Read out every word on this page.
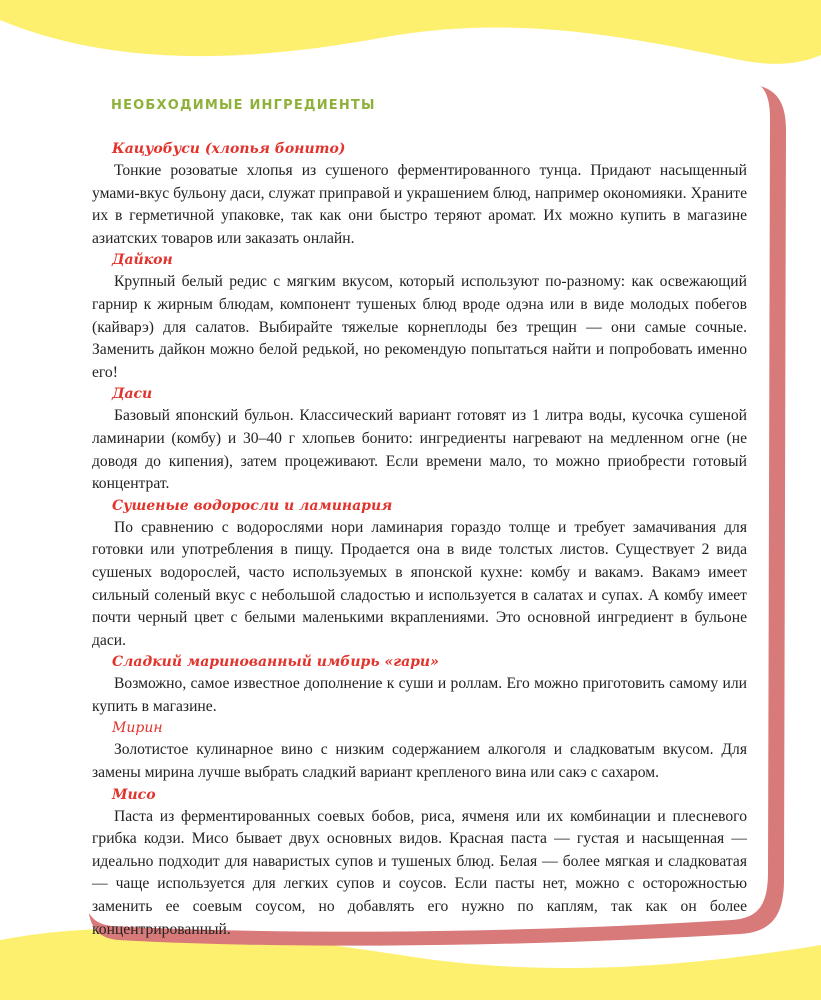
НЕОБХОДИМЫЕ ИНГРЕДИЕНТЫ
Кацуобуси (хлопья бонито)

Тонкие розоватые хлопья из сушеного ферментированного тунца. Придают насыщенный умами-вкус бульону даси, служат приправой и украшением блюд, например окономияки. Храните их в герметичной упаковке, так как они быстро теряют аромат. Их можно купить в магазине азиатских товаров или заказать онлайн.

Дайкон

Крупный белый редис с мягким вкусом, который используют по-разному: как освежающий гарнир к жирным блюдам, компонент тушеных блюд вроде одэна или в виде молодых побегов (кайварэ) для салатов. Выбирайте тяжелые корнеплоды без трещин — они самые сочные. Заменить дайкон можно белой редькой, но рекомендую попытаться найти и попробовать именно его!

Даси

Базовый японский бульон. Классический вариант готовят из 1 литра воды, кусочка сушеной ламинарии (комбу) и 30–40 г хлопьев бонито: ингредиенты нагревают на медленном огне (не доводя до кипения), затем процеживают. Если времени мало, то можно приобрести готовый концентрат.

Сушеные водоросли и ламинария

По сравнению с водорослями нори ламинария гораздо толще и требует замачивания для готовки или употребления в пищу. Продается она в виде толстых листов. Существует 2 вида сушеных водорослей, часто используемых в японской кухне: комбу и вакамэ. Вакамэ имеет сильный соленый вкус с небольшой сладостью и используется в салатах и супах. А комбу имеет почти черный цвет с белыми маленькими вкраплениями. Это основной ингредиент в бульоне даси.

Сладкий маринованный имбирь «гари»

Возможно, самое известное дополнение к суши и роллам. Его можно приготовить самому или купить в магазине.

Мирин

Золотистое кулинарное вино с низким содержанием алкоголя и сладковатым вкусом. Для замены мирина лучше выбрать сладкий вариант крепленого вина или сакэ с сахаром.

Мисо

Паста из ферментированных соевых бобов, риса, ячменя или их комбинации и плесневого грибка кодзи. Мисо бывает двух основных видов. Красная паста — густая и насыщенная — идеально подходит для наваристых супов и тушеных блюд. Белая — более мягкая и сладковатая — чаще используется для легких супов и соусов. Если пасты нет, можно с осторожностью заменить ее соевым соусом, но добавлять его нужно по каплям, так как он более концентрированный.
